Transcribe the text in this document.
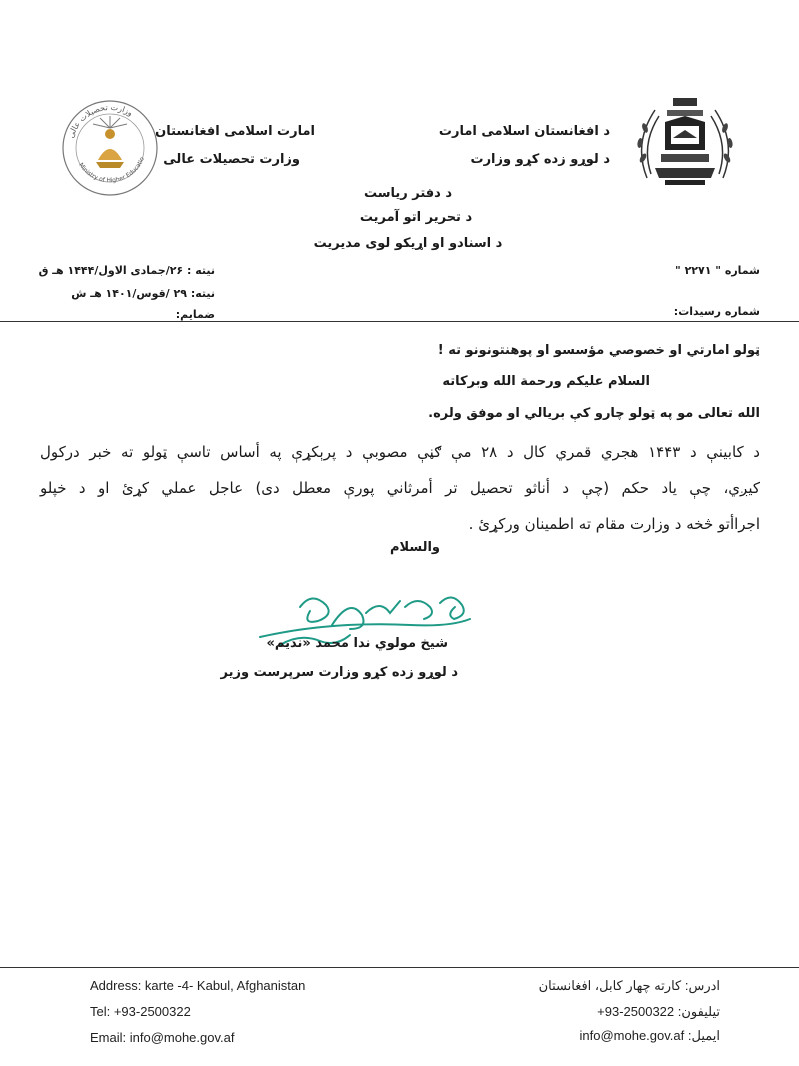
وزارت تحصیلات عالی
Ministry of Higher Educatio
امارت اسلامی افغانستان
وزارت تحصیلات عالی
د افغانستان اسلامی امارت
د لوړو زده کړو وزارت
د دفتر ریاست
د تحریر اتو آمریت
د اسنادو او اړیکو لوی مدیریت
نیته : ۲۶/جمادی الاول/۱۴۴۴ هـ ق
نیته: ۲۹ /قوس/۱۴۰۱ هـ ش
ضمایم:
شماره " ۲۲۷۱ "
شماره رسیدات:
ټولو امارتي او خصوصي مؤسسو او پوهنتونونو ته !
السلام علیکم ورحمة الله وبرکاته
الله تعالی مو په ټولو چارو کې بریالي او موفق ولره.
د کابینې د ۱۴۴۳ هجري قمري کال د ۲۸ مې ګڼې مصوبې د پرېکړې په أساس تاسې ټولو ته خبر درکول
کیږي، چې یاد حکم (چې د أناثو تحصیل تر أمرثاني پورې معطل دی) عاجل عملي کړئ او د خپلو
اجراأتو څخه د وزارت مقام ته اطمینان ورکړئ .
والسلام
شیخ مولوي ندا محمد «ندیم»
د لوړو زده کړو وزارت سرپرست وزیر
Address: karte -4- Kabul, Afghanistan
Tel: +93-2500322
Email: info@mohe.gov.af
ادرس: کارته چهار کابل، افغانستان
تیلیفون: 2500322-93+
ایمیل: info@mohe.gov.af
